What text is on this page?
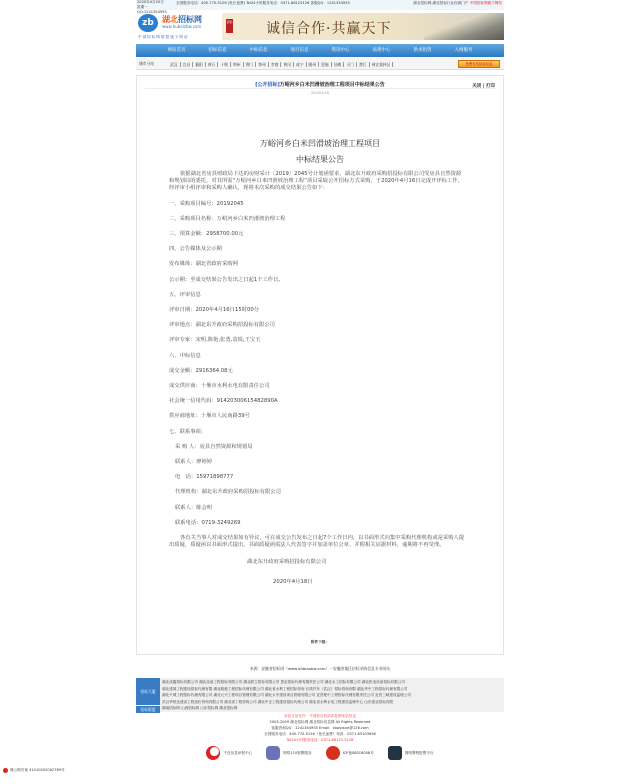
2020年4月20日 星期一
QQ:1241354955
全国服务电话：400-770-5126 (免长途费) Tel24小时服务电话：0371-86125126 客服QQ：1241354955	湖北招标网-湖北招标行业权威门户 中国招标网旗下网站
zb	湖北招标网
www.hubeizbw.com
中国招标网联盟旗下网站
招标 诚信合作·共赢天下
网站首页	招标信息	中标信息	项目信息	资讯中心	法规中心	供求租赁	入网服务
城市分站	武汉	宜昌	襄阳	黄石	十堰	荆州	荆门	鄂州	孝感	黄冈	咸宁	随州	恩施	仙桃	天门	潜江	神农架林区	免费发布招标信息
[公开招标]万峪河乡白米凹滑坡治理工程项目中标结果公告	关闭 | 打印
2020/4/18
万峪河乡白米凹滑坡治理工程项目
中标结果公告

依据湖北省房县财政局下达的房财采计〔2019〕2045号计划函要求，湖北东升政府采购招投标有限公司受房县自然资源和规划局的委托，对其所需“万峪河乡白米凹滑坡治理工程”项目采取公开招标方式采购，于2020年4月16日完成开评标工作，经评审小组评审和采购人确认，现将本次采购的成交结果公告如下：

一、采购项目编号：20192045

二、采购项目名称：万峪河乡白米凹滑坡治理工程

三、预算金额：2958700.00元

四、公告媒体及公示期

发布媒体：湖北省政府采购网

公示期：至成交结果公告发出之日起1个工作日。

五、评审信息

评审日期：2020年4月16日15时00分

评审地点：湖北东升政府采购招投标有限公司

评审专家：宋明,陈艳,张勇,袁锐,王宝玉

六、中标信息

成交金额：2916364.08元

成交供应商：十堰市水利水电有限责任公司

社会统一信用代码：91420300615482890A

供应商地址：十堰市人民南路39号

七、联系事项：

采 购 人：房县自然资源和规划局

联系人：廖婷婷

电　话：15971898777

代理机构：湖北东升政府采购招投标有限公司

联系人：陈会明

联系电话：0719-3249269

各有关当事人对成交结果如有异议，可在成交公告发布之日起7个工作日内，以书面形式向集中采购代理机构或是采购人提出质疑，质疑函以书面形式提出，书面质疑函需法人代表签字并加盖单位公章，并附相关证据材料，逾期将不再受理。

湖北东升政府采购招投标有限公司

2020年4月18日

附件下载：
来源：安徽省招标网（www.ahbiaobw.com）一安徽省地区招标采购信息专业网站
招标大厦
招标联盟
湖北成鑫招标有限公司 湖北设备工程招标有限公司 湖北联立招标有限公司 思必招标代理有限责任公司 湖北水工招标有限公司 湖北机电设备招标有限公司
湖北建晟工程建设招标代理有限 湖北路港工程招标代理有限公司 湖北省水利工程招标咨询 长鸿汽车（武汉）招标咨询有限 湖北华中工程招标代理有限公司
湖北兴城工程招标代理有限公司 湖北元兴工程项目管理有限公司 湖北太中建设项目管理有限公司 宜昌楚中工程招标代理有限责任公司 宜昌三峡建设监理公司
武汉华恒达建设工程造价咨询有限公司 湖北省工程咨询公司 湖北中正工程建设招标代理公司 湖北省水利水电工程建设监理中心 山东建业招标有限
湖南招标网 山西招标网 山东招标网 湖北招标网
本站文站允许：不得转自转站或复制本站信息
2003-2009 湖北招标网 湖北招标信息网 All Rights Reserved
客服咨询QQ：1241354955 Email：zbwzixun@126.com
全国服务电话：400-770-5126（免长途费）传真：0371-65103636
Tel24小时服务电话：0371-86125-5126
不良信息举报中心	网络110报警服务	ICP备08018058号	网络警察报警平台
豫公网安备 41010502002789号
